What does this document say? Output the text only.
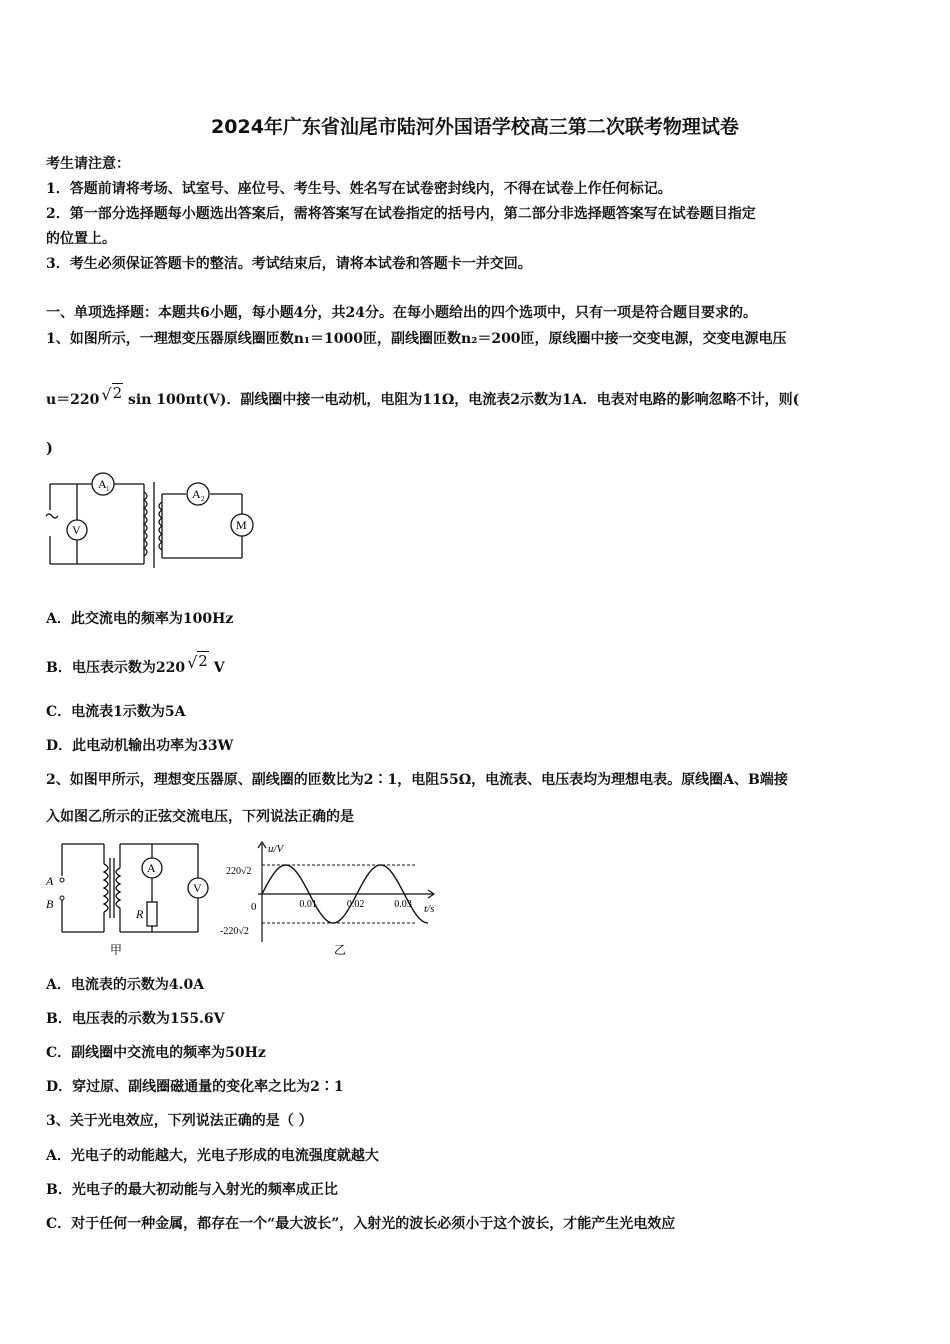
2024年广东省汕尾市陆河外国语学校高三第二次联考物理试卷
考生请注意：
1．答题前请将考场、试室号、座位号、考生号、姓名写在试卷密封线内，不得在试卷上作任何标记。
2．第一部分选择题每小题选出答案后，需将答案写在试卷指定的括号内，第二部分非选择题答案写在试卷题目指定
的位置上。
3．考生必须保证答题卡的整洁。考试结束后，请将本试卷和答题卡一并交回。
一、单项选择题：本题共6小题，每小题4分，共24分。在每小题给出的四个选项中，只有一项是符合题目要求的。
1、如图所示，一理想变压器原线圈匝数n₁＝1000匝，副线圈匝数n₂＝200匝，原线圈中接一交变电源，交变电源电压
u＝220 √2 sin 100πt(V)．副线圈中接一电动机，电阻为11Ω，电流表2示数为1A．电表对电路的影响忽略不计，则(
)
A 1
V
A 2
M
A．此交流电的频率为100Hz
B．电压表示数为220 √2 V
C．电流表1示数为5A
D．此电动机输出功率为33W
2、如图甲所示，理想变压器原、副线圈的匝数比为2∶1，电阻55Ω，电流表、电压表均为理想电表。原线圈A、B端接
入如图乙所示的正弦交流电压，下列说法正确的是
A
B
A
V
R
甲
u/V
t/s
0
220√2
-220√2
0.01	0.02	0.03
乙
A．电流表的示数为4.0A
B．电压表的示数为155.6V
C．副线圈中交流电的频率为50Hz
D．穿过原、副线圈磁通量的变化率之比为2∶1
3、关于光电效应，下列说法正确的是（ ）
A．光电子的动能越大，光电子形成的电流强度就越大
B．光电子的最大初动能与入射光的频率成正比
C．对于任何一种金属，都存在一个“最大波长”，入射光的波长必须小于这个波长，才能产生光电效应
